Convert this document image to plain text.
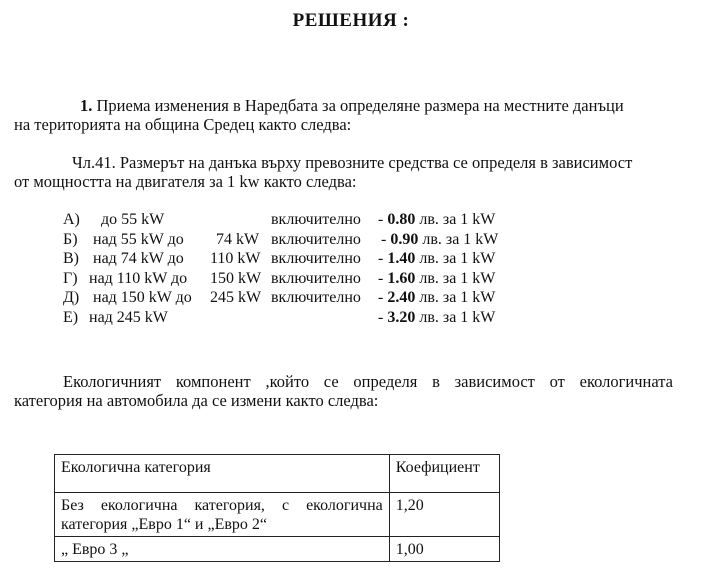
РЕШЕНИЯ :
1. Приема изменения в Наредбата за определяне размера на местните данъци
на територията на община Средец както следва:
Чл.41. Размерът на данъка върху превозните средства се определя в зависимост
от мощността на двигателя за 1 kw както следва:
А) до 55 kW	включително - 0.80 лв. за 1 kW
Б) над 55 kW до 74 kW включително - 0.90 лв. за 1 kW
В) над 74 kW до 110 kW включително - 1.40 лв. за 1 kW
Г) над 110 kW до 150 kW включително - 1.60 лв. за 1 kW
Д) над 150 kW до 245 kW включително - 2.40 лв. за 1 kW
Е) над 245 kW	- 3.20 лв. за 1 kW
Екологичният компонент ,който се определя в зависимост от екологичната
категория на автомобила да се измени както следва:
Екологична категория	Коефициент

Без екологична категория, с екологична категория „Евро 1“ и „Евро 2“	1,20
„ Евро 3 „	1,00
